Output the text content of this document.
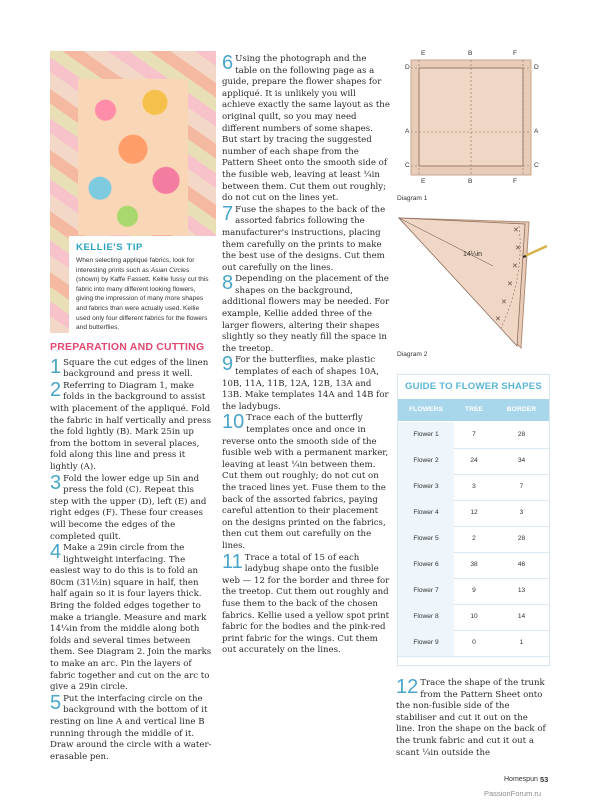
KELLIE'S TIP
When selecting appliqué fabrics, look for interesting prints such as Asian Circles (shown) by Kaffe Fassett. Kellie fussy cut this fabric into many different looking flowers, giving the impression of many more shapes and fabrics than were actually used. Kellie used only four different fabrics for the flowers and butterflies.
PREPARATION AND CUTTING
1 Square the cut edges of the linen background and press it well.
2 Referring to Diagram 1, make folds in the background to assist with placement of the appliqué. Fold the fabric in half vertically and press the fold lightly (B). Mark 25in up from the bottom in several places, fold along this line and press it lightly (A).
3 Fold the lower edge up 5in and press the fold (C). Repeat this step with the upper (D), left (E) and right edges (F). These four creases will become the edges of the completed quilt.
4 Make a 29in circle from the lightweight interfacing. The easiest way to do this is to fold an 80cm (31½in) square in half, then half again so it is four layers thick. Bring the folded edges together to make a triangle. Measure and mark 14¼in from the middle along both folds and several times between them. See Diagram 2. Join the marks to make an arc. Pin the layers of fabric together and cut on the arc to give a 29in circle.
5 Put the interfacing circle on the background with the bottom of it resting on line A and vertical line B running through the middle of it. Draw around the circle with a water-erasable pen.
6 Using the photograph and the table on the following page as a guide, prepare the flower shapes for appliqué. It is unlikely you will achieve exactly the same layout as the original quilt, so you may need different numbers of some shapes. But start by tracing the suggested number of each shape from the Pattern Sheet onto the smooth side of the fusible web, leaving at least ¼in between them. Cut them out roughly; do not cut on the lines yet.
7 Fuse the shapes to the back of the assorted fabrics following the manufacturer's instructions, placing them carefully on the prints to make the best use of the designs. Cut them out carefully on the lines.
8 Depending on the placement of the shapes on the background, additional flowers may be needed. For example, Kellie added three of the larger flowers, altering their shapes slightly so they neatly fill the space in the treetop.
9 For the butterflies, make plastic templates of each of shapes 10A, 10B, 11A, 11B, 12A, 12B, 13A and 13B. Make templates 14A and 14B for the ladybugs.
10 Trace each of the butterfly templates once and once in reverse onto the smooth side of the fusible web with a permanent marker, leaving at least ¼in between them. Cut them out roughly; do not cut on the traced lines yet. Fuse them to the back of the assorted fabrics, paying careful attention to their placement on the designs printed on the fabrics, then cut them out carefully on the lines.
11 Trace a total of 15 of each ladybug shape onto the fusible web — 12 for the border and three for the treetop. Cut them out roughly and fuse them to the back of the chosen fabrics. Kellie used a yellow spot print fabric for the bodies and the pink-red print fabric for the wings. Cut them out accurately on the lines.
E	B	F
D	D
A	A
C	C
E	B	F
Diagram 1
✕
✕
✕
✕
✕
✕
14¼in
Diagram 2
GUIDE TO FLOWER SHAPES
FLOWERS	TREE	BORDER
Flower 1	7	28
Flower 2	24	34
Flower 3	3	7
Flower 4	12	3
Flower 5	2	28
Flower 6	38	46
Flower 7	9	13
Flower 8	10	14
Flower 9	0	1
12 Trace the shape of the trunk from the Pattern Sheet onto the non-fusible side of the stabiliser and cut it out on the line. Iron the shape on the back of the trunk fabric and cut it out a scant ¼in outside the
Homespun 53
PassionForum.ru
